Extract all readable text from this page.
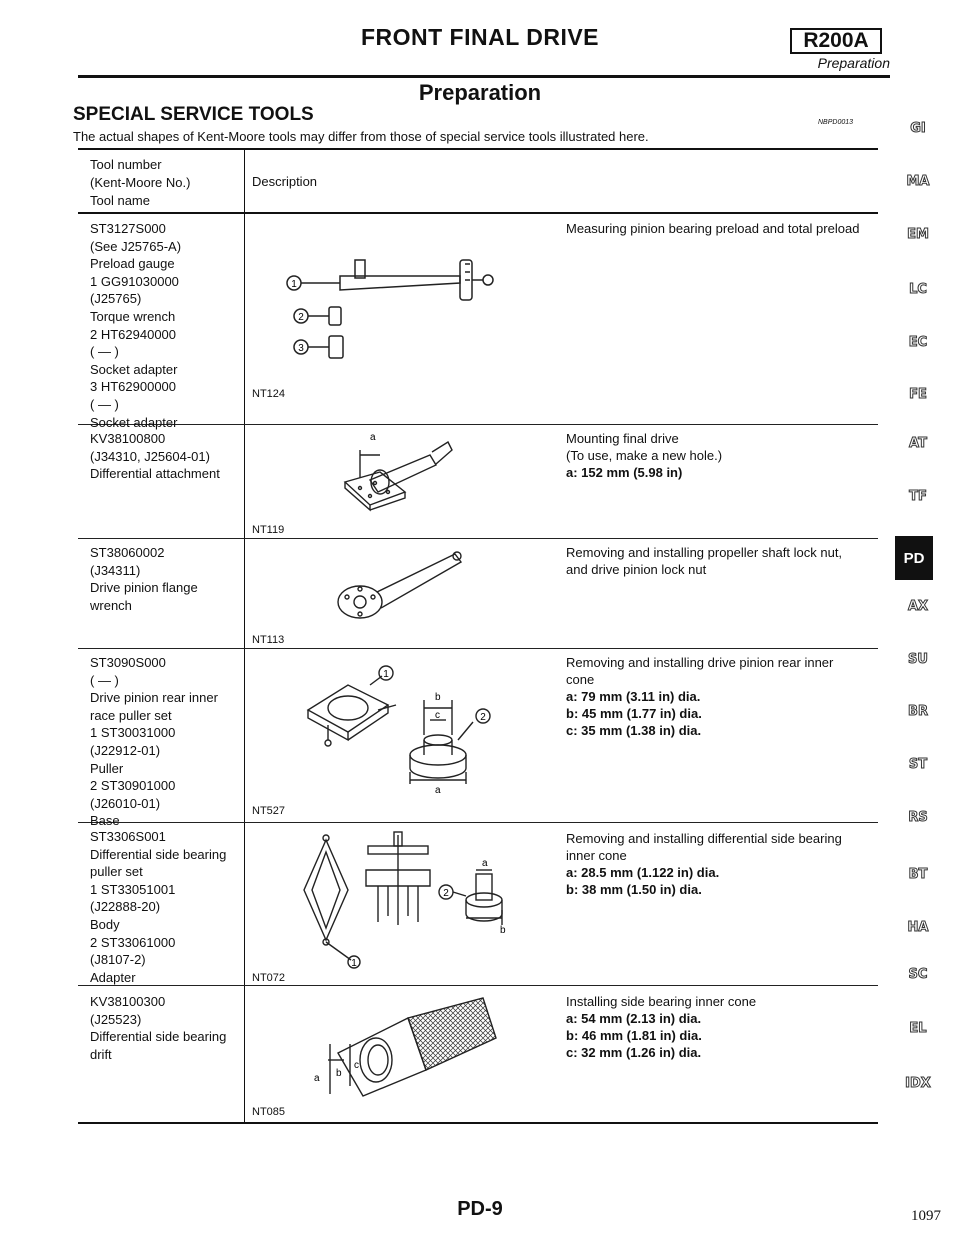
FRONT FINAL DRIVE	R200A
Preparation
Preparation
SPECIAL SERVICE TOOLS
The actual shapes of Kent-Moore tools may differ from those of special service tools illustrated here.
NBPD0013
Tool number
(Kent-Moore No.)
Tool name
Description
ST3127S000
(See J25765-A)
Preload gauge
1 GG91030000
(J25765)
Torque wrench
2 HT62940000
( — )
Socket adapter
3 HT62900000
( — )
Socket adapter
Measuring pinion bearing preload and total preload
1
2
3
NT124
KV38100800
(J34310, J25604-01)
Differential attachment
Mounting final drive
(To use, make a new hole.)
a: 152 mm (5.98 in)
a
NT119
ST38060002
(J34311)
Drive pinion flange
wrench
Removing and installing propeller shaft lock nut,
and drive pinion lock nut
NT113
ST3090S000
( — )
Drive pinion rear inner
race puller set
1 ST30031000
(J22912-01)
Puller
2 ST30901000
(J26010-01)
Base
Removing and installing drive pinion rear inner
cone
a: 79 mm (3.11 in) dia.
b: 45 mm (1.77 in) dia.
c: 35 mm (1.38 in) dia.
1
2
b
c
a
NT527
ST3306S001
Differential side bearing
puller set
1 ST33051001
(J22888-20)
Body
2 ST33061000
(J8107-2)
Adapter
Removing and installing differential side bearing
inner cone
a: 28.5 mm (1.122 in) dia.
b: 38 mm (1.50 in) dia.
1
2
a
b
NT072
KV38100300
(J25523)
Differential side bearing
drift
Installing side bearing inner cone
a: 54 mm (2.13 in) dia.
b: 46 mm (1.81 in) dia.
c: 32 mm (1.26 in) dia.
a b
c
NT085
GI
MA
EM
LC
EC
FE
AT
TF
PD
AX
SU
BR
ST
RS
BT
HA
SC
EL
IDX
PD-9	1097
